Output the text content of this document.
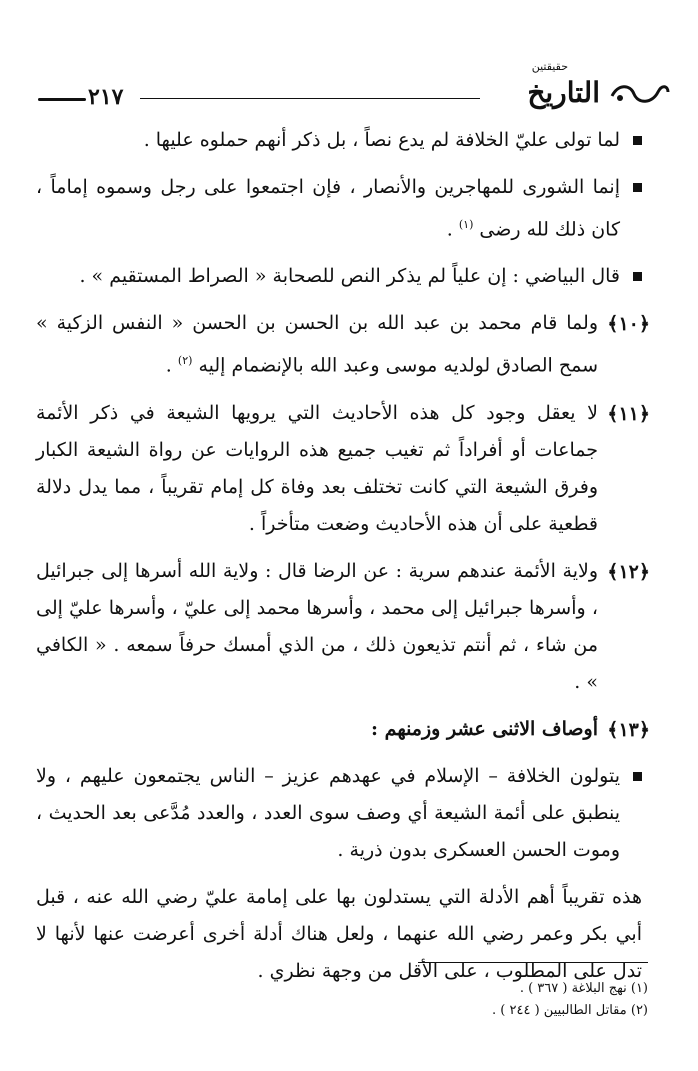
٢١٧
حقيقتين
التاريخ
لما تولى عليّ الخلافة لم يدع نصاً ، بل ذكر أنهم حملوه عليها .
إنما الشورى للمهاجرين والأنصار ، فإن اجتمعوا على رجل وسموه إماماً ، كان ذلك لله رضى $^{(١)}$ .
قال البياضي : إن علياً لم يذكر النص للصحابة « الصراط المستقيم » .
﴿١٠﴾
ولما قام محمد بن عبد الله بن الحسن بن الحسن « النفس الزكية » سمح الصادق لولديه موسى وعبد الله بالإنضمام إليه $^{(٢)}$ .
﴿١١﴾
لا يعقل وجود كل هذه الأحاديث التي يرويها الشيعة في ذكر الأئمة جماعات أو أفراداً ثم تغيب جميع هذه الروايات عن رواة الشيعة الكبار وفرق الشيعة التي كانت تختلف بعد وفاة كل إمام تقريباً ، مما يدل دلالة قطعية على أن هذه الأحاديث وضعت متأخراً .
﴿١٢﴾
ولاية الأئمة عندهم سرية : عن الرضا قال : ولاية الله أسرها إلى جبرائيل ، وأسرها جبرائيل إلى محمد ، وأسرها محمد إلى عليّ ، وأسرها عليّ إلى من شاء ، ثم أنتم تذيعون ذلك ، من الذي أمسك حرفاً سمعه . « الكافي » .
﴿١٣﴾
أوصاف الاثنى عشر وزمنهم :
يتولون الخلافة – الإسلام في عهدهم عزيز – الناس يجتمعون عليهم ، ولا ينطبق على أئمة الشيعة أي وصف سوى العدد ، والعدد مُدَّعى بعد الحديث ، وموت الحسن العسكرى بدون ذرية .
هذه تقريباً أهم الأدلة التي يستدلون بها على إمامة عليّ رضي الله عنه ، قبل أبي بكر وعمر رضي الله عنهما ، ولعل هناك أدلة أخرى أعرضت عنها لأنها لا تدل على المطلوب ، على الأقل من وجهة نظري .
(١) نهج البلاغة ( ٣٦٧ ) .
(٢) مقاتل الطالبيين ( ٢٤٤ ) .
